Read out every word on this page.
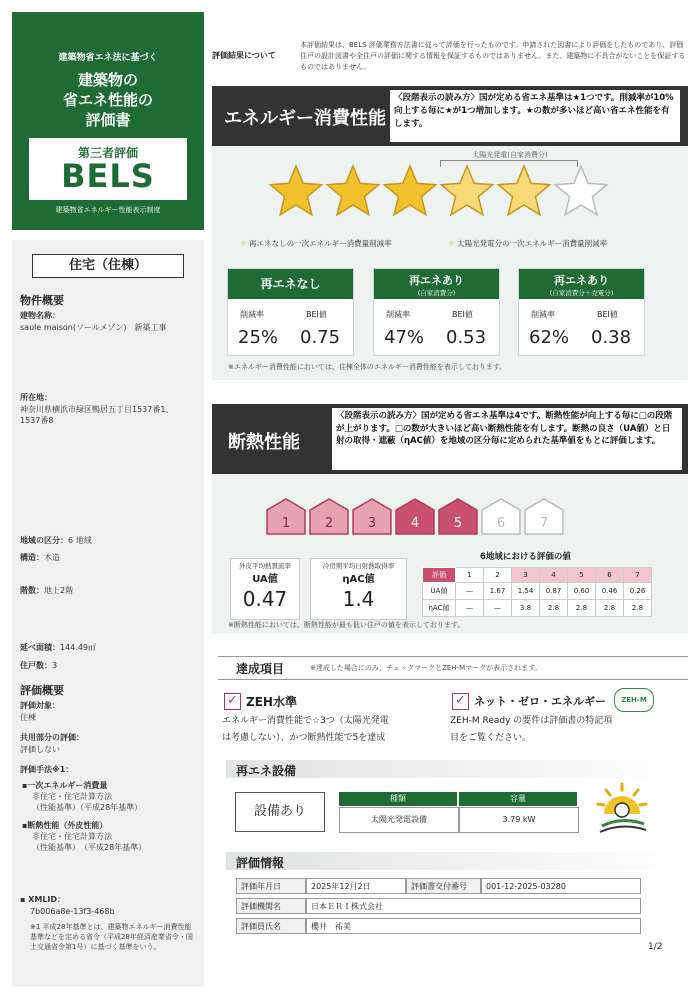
建築物省エネ法に基づく
建築物の
省エネ性能の
評価書
第三者評価
BELS
建築物省エネルギー性能表示制度
住宅（住棟）
物件概要
建物名称：
saule maison(ソールメゾン)　新築工事
所在地：
神奈川県横浜市緑区鴨居五丁目1537番1、1537番8
地域の区分：6 地域
構造：木造
階数：地上2階
延べ面積：144.49㎡
住戸数：3
評価概要
評価対象：
住棟
共用部分の評価：
評価しない
評価手法※1：
▪一次エネルギー消費量
非住宅・住宅計算方法
（性能基準）（平成28年基準）
▪断熱性能（外皮性能）
非住宅・住宅計算方法
（性能基準）　（平成28年基準）
▪ XMLID：
7b006a8e-13f3-468b
※1 平成28年基準とは、建築物エネルギー消費性能基準などを定める省令（平成28年経済産業省令・国土交通省令第1号）に基づく基準をいう。
評価結果について
本評価結果は、BELS 評価業務方法書に従って評価を行ったものです。申請された図書により評価をしたものであり、評価住戸の設計図書や全住戸の評価に関する情報を保証するものではありません。また、建築物に不具合がないことを保証するものではありません。
エネルギー消費性能
〈段階表示の読み方〉国が定める省エネ基準は★1つです。削減率が10%向上する毎に★が1つ増加します。★の数が多いほど高い省エネ性能を有します。
太陽光発電(自家消費分)
☆ 再エネなしの一次エネルギー消費量削減率	☆ 太陽光発電分の一次エネルギー消費量削減率
再エネなし
削減率	BEI値
25% 0.75
再エネあり
(自家消費分)
削減率	BEI値
47% 0.53
再エネあり
(自家消費分＋売電分)
削減率	BEI値
62% 0.38
※エネルギー消費性能においては、住棟全体のエネルギー消費性能を表示しております。
断熱性能
〈段階表示の読み方〉国が定める省エネ基準は4です。断熱性能が向上する毎に□の段階が上がります。□の数が大きいほど高い断熱性能を有します。断熱の良さ（UA値）と日射の取得・遮蔽（ηAC値）を地域の区分毎に定められた基準値をもとに評価します。
1	2	3	4	5	6	7
外皮平均熱貫流率
UA値
0.47
冷房期平均日射熱取得率
ηAC値
1.4
6地域における評価の値
評価	1	2	3	4	5	6	7
UA値	—	1.67	1.54	0.87	0.60	0.46	0.26
ηAC値	—	—	3.8	2.8	2.8	2.8	2.8
※断熱性能においては、断熱性能が最も低い住戸の値を表示しております。
達成項目	※達成した場合にのみ、チェックマークとZEH-Mマークが表示されます。
✓ ZEH水準
エネルギー消費性能で☆3つ（太陽光発電
は考慮しない）、かつ断熱性能で5を達成
✓ ネット・ゼロ・エネルギー	ZEH-M
ZEH-M Ready の要件は評価書の特記項
目をご覧ください。
再エネ設備
設備あり
種類	容量
太陽光発電設備	3.79 kW
評価情報
評価年月日	2025年12月2日	評価書交付番号	001-12-2025-03280
評価機関名	日本ＥＲＩ株式会社
評価員氏名	櫻井　祐美
1/2
